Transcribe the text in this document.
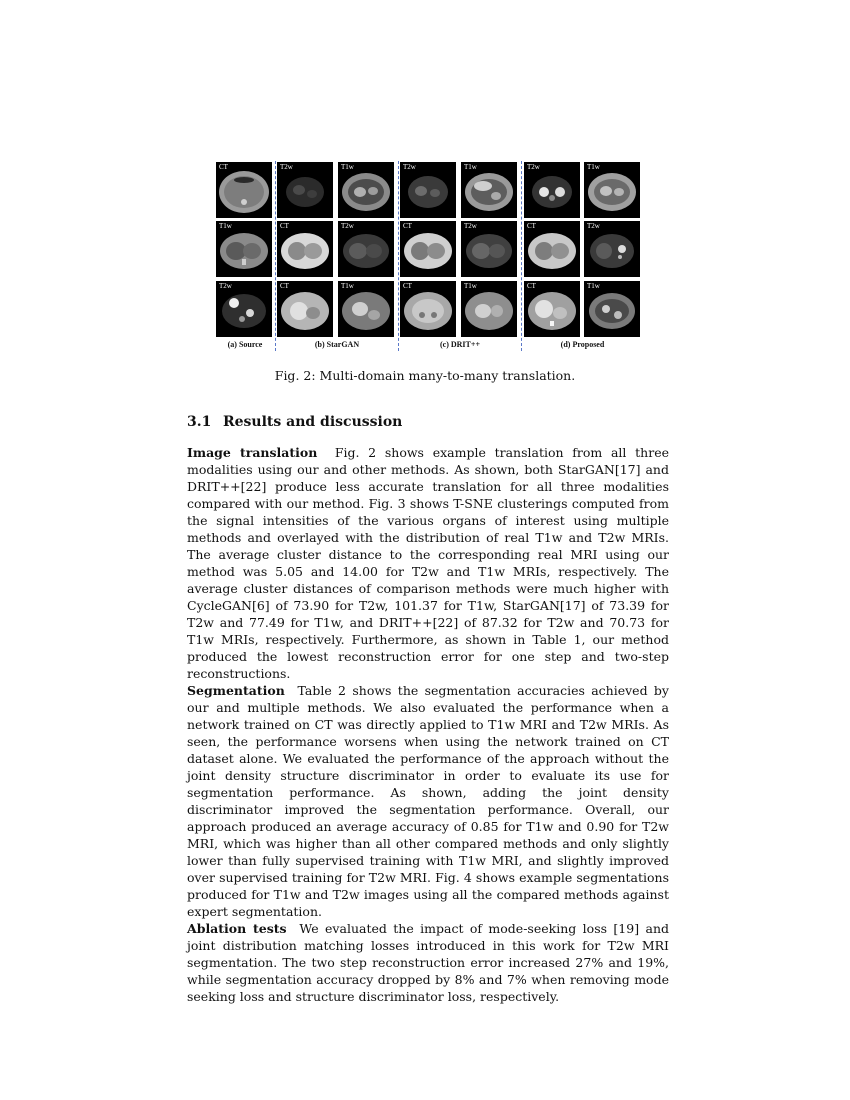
CT	T2w	T1w	T2w	T1w	T2w	T1w
T1w	CT	T2w	CT	T2w	CT	T2w
T2w	CT	T1w	CT	T1w	CT	T1w
(a) Source	(b) StarGAN	(c) DRIT++	(d) Proposed
Fig. 2: Multi-domain many-to-many translation.
3.1 Results and discussion

Image translation Fig. 2 shows example translation from all three modalities using our and other methods. As shown, both StarGAN[17] and DRIT++[22] produce less accurate translation for all three modalities compared with our method. Fig. 3 shows T-SNE clusterings computed from the signal intensities of the various organs of interest using multiple methods and overlayed with the distribution of real T1w and T2w MRIs. The average cluster distance to the corresponding real MRI using our method was 5.05 and 14.00 for T2w and T1w MRIs, respectively. The average cluster distances of comparison methods were much higher with CycleGAN[6] of 73.90 for T2w, 101.37 for T1w, StarGAN[17] of 73.39 for T2w and 77.49 for T1w, and DRIT++[22] of 87.32 for T2w and 70.73 for T1w MRIs, respectively. Furthermore, as shown in Table 1, our method produced the lowest reconstruction error for one step and two-step reconstructions.

Segmentation Table 2 shows the segmentation accuracies achieved by our and multiple methods. We also evaluated the performance when a network trained on CT was directly applied to T1w MRI and T2w MRIs. As seen, the performance worsens when using the network trained on CT dataset alone. We evaluated the performance of the approach without the joint density structure discriminator in order to evaluate its use for segmentation performance. As shown, adding the joint density discriminator improved the segmentation performance. Overall, our approach produced an average accuracy of 0.85 for T1w and 0.90 for T2w MRI, which was higher than all other compared methods and only slightly lower than fully supervised training with T1w MRI, and slightly improved over supervised training for T2w MRI. Fig. 4 shows example segmentations produced for T1w and T2w images using all the compared methods against expert segmentation.

Ablation tests We evaluated the impact of mode-seeking loss [19] and joint distribution matching losses introduced in this work for T2w MRI segmentation. The two step reconstruction error increased 27% and 19%, while segmentation accuracy dropped by 8% and 7% when removing mode seeking loss and structure discriminator loss, respectively.
